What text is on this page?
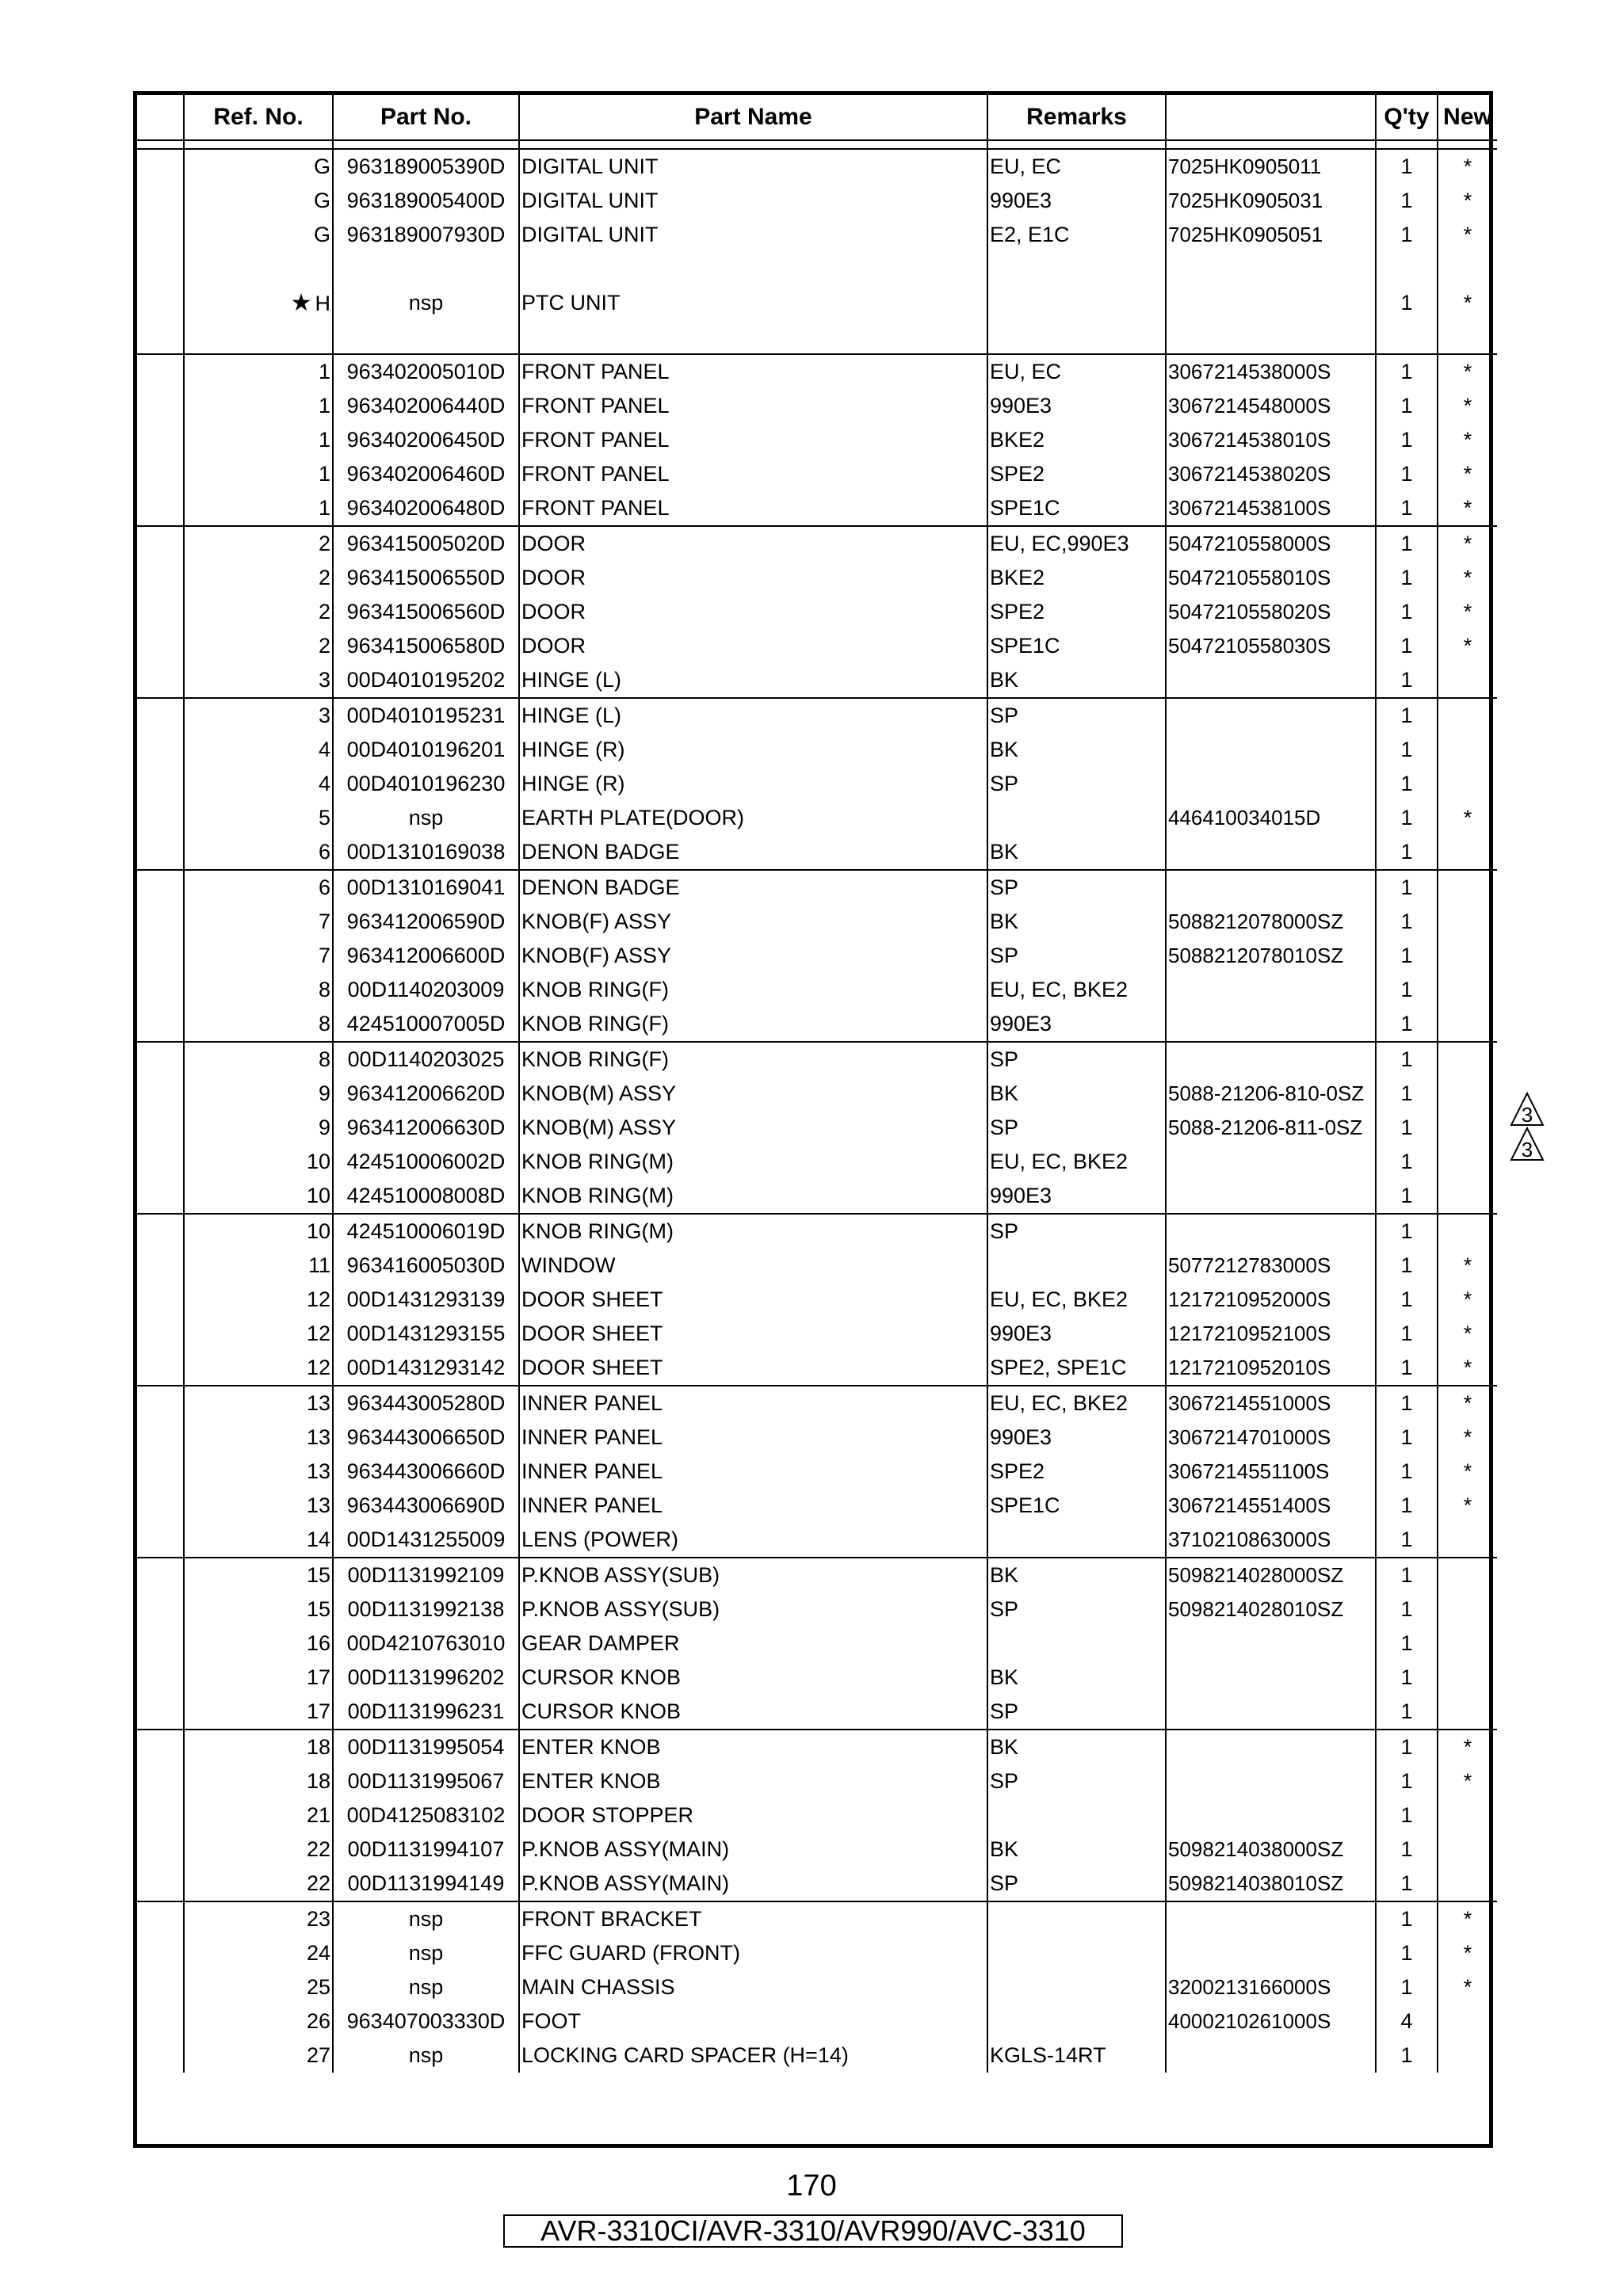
	Ref. No.	Part No.	Part Name	Remarks		Q'ty	New

	G	963189005390D	DIGITAL UNIT	EU, EC	7025HK0905011	1	*
	G	963189005400D	DIGITAL UNIT	990E3	7025HK0905031	1	*
	G	963189007930D	DIGITAL UNIT	E2, E1C	7025HK0905051	1	*
	★ H	nsp	PTC UNIT			1	*
	1	963402005010D	FRONT PANEL	EU, EC	3067214538000S	1	*
	1	963402006440D	FRONT PANEL	990E3	3067214548000S	1	*
	1	963402006450D	FRONT PANEL	BKE2	3067214538010S	1	*
	1	963402006460D	FRONT PANEL	SPE2	3067214538020S	1	*
	1	963402006480D	FRONT PANEL	SPE1C	3067214538100S	1	*
	2	963415005020D	DOOR	EU, EC,990E3	5047210558000S	1	*
	2	963415006550D	DOOR	BKE2	5047210558010S	1	*
	2	963415006560D	DOOR	SPE2	5047210558020S	1	*
	2	963415006580D	DOOR	SPE1C	5047210558030S	1	*
	3	00D4010195202	HINGE (L)	BK		1	
	3	00D4010195231	HINGE (L)	SP		1	
	4	00D4010196201	HINGE (R)	BK		1	
	4	00D4010196230	HINGE (R)	SP		1	
	5	nsp	EARTH PLATE(DOOR)		446410034015D	1	*
	6	00D1310169038	DENON BADGE	BK		1	
	6	00D1310169041	DENON BADGE	SP		1	
	7	963412006590D	KNOB(F) ASSY	BK	5088212078000SZ	1	
	7	963412006600D	KNOB(F) ASSY	SP	5088212078010SZ	1	
	8	00D1140203009	KNOB RING(F)	EU, EC, BKE2		1	
	8	424510007005D	KNOB RING(F)	990E3		1	
	8	00D1140203025	KNOB RING(F)	SP		1	
	9	963412006620D	KNOB(M) ASSY	BK	5088-21206-810-0SZ	1	
	9	963412006630D	KNOB(M) ASSY	SP	5088-21206-811-0SZ	1	
	10	424510006002D	KNOB RING(M)	EU, EC, BKE2		1	
	10	424510008008D	KNOB RING(M)	990E3		1	
	10	424510006019D	KNOB RING(M)	SP		1	
	11	963416005030D	WINDOW		5077212783000S	1	*
	12	00D1431293139	DOOR SHEET	EU, EC, BKE2	1217210952000S	1	*
	12	00D1431293155	DOOR SHEET	990E3	1217210952100S	1	*
	12	00D1431293142	DOOR SHEET	SPE2, SPE1C	1217210952010S	1	*
	13	963443005280D	INNER PANEL	EU, EC, BKE2	3067214551000S	1	*
	13	963443006650D	INNER PANEL	990E3	3067214701000S	1	*
	13	963443006660D	INNER PANEL	SPE2	3067214551100S	1	*
	13	963443006690D	INNER PANEL	SPE1C	3067214551400S	1	*
	14	00D1431255009	LENS (POWER)		3710210863000S	1	
	15	00D1131992109	P.KNOB ASSY(SUB)	BK	5098214028000SZ	1	
	15	00D1131992138	P.KNOB ASSY(SUB)	SP	5098214028010SZ	1	
	16	00D4210763010	GEAR DAMPER			1	
	17	00D1131996202	CURSOR KNOB	BK		1	
	17	00D1131996231	CURSOR KNOB	SP		1	
	18	00D1131995054	ENTER KNOB	BK		1	*
	18	00D1131995067	ENTER KNOB	SP		1	*
	21	00D4125083102	DOOR STOPPER			1	
	22	00D1131994107	P.KNOB ASSY(MAIN)	BK	5098214038000SZ	1	
	22	00D1131994149	P.KNOB ASSY(MAIN)	SP	5098214038010SZ	1	
	23	nsp	FRONT BRACKET			1	*
	24	nsp	FFC GUARD (FRONT)			1	*
	25	nsp	MAIN CHASSIS		3200213166000S	1	*
	26	963407003330D	FOOT		4000210261000S	4	
	27	nsp	LOCKING CARD SPACER (H=14)	KGLS-14RT		1	
3
3
170
AVR-3310CI/AVR-3310/AVR990/AVC-3310
